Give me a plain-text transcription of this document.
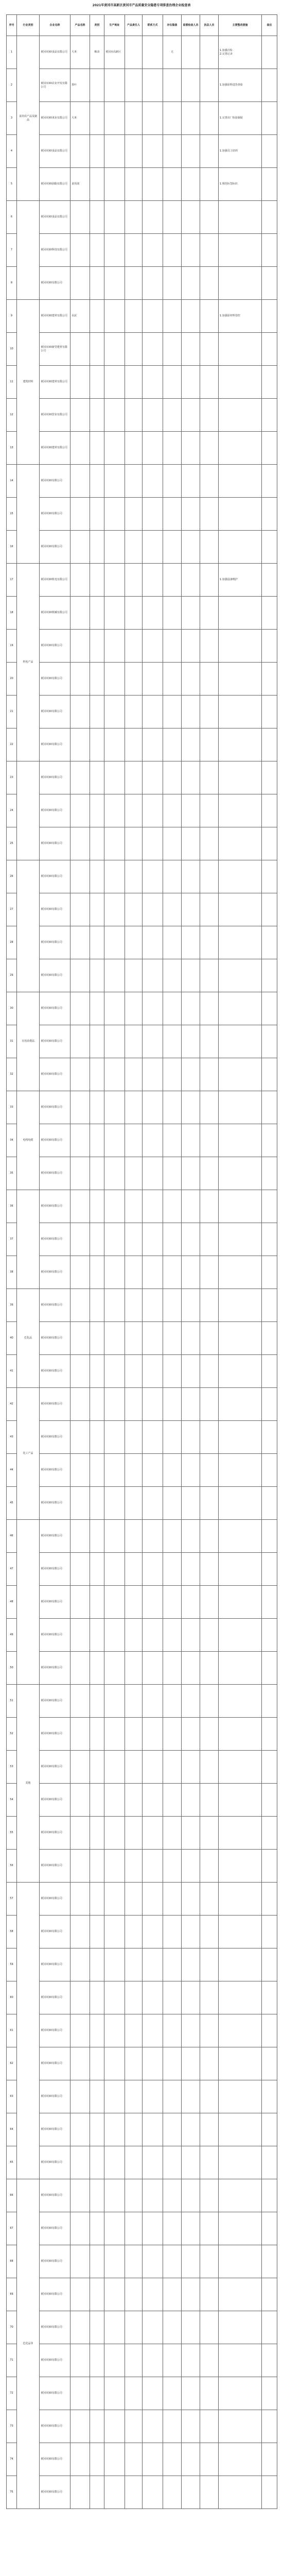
2021年黄冈市高新区黄冈市产品质量安全隐患专项排查治理企业检查表
序号	行业类别	企业名称	产品名称	类别	生产地址	产品责任人	联系方式	存在隐患	监督检查人员	执法人员	主要整改措施	备注
1	食用农产品及制品	黄冈市XX食品有限公司	大米	粮食	黄冈市高新区			无			1.加强自检
2.完善记录	
2		黄冈市XX农业开发有限公司	茶叶								1.加强原料进货查验	
3		黄冈市XX米业有限公司	大米								1.完善出厂检验制度	
4		黄冈市XX食品有限公司									1.加强员工培训	
5		黄冈市XX油脂有限公司	食用油								1.规范标签标识	
6		黄冈市XX食品有限公司										
7		黄冈市XX科技有限公司										
8		黄冈市XX有限公司										
9	建筑材料	黄冈市XX建材有限公司	水泥								1.加强原材料管控	
10		黄冈市XX新型建材有限公司										
11		黄冈市XX建材有限公司										
12		黄冈市XX管业有限公司										
13		黄冈市XX建材有限公司										
14		黄冈市XX有限公司										
15		黄冈市XX有限公司										
16		黄冈市XX有限公司										
17	机电产品	黄冈市XX机电有限公司									1.加强设备维护	
18		黄冈市XX机械有限公司										
19		黄冈市XX有限公司										
20		黄冈市XX有限公司										
21		黄冈市XX有限公司										
22		黄冈市XX有限公司										
23		黄冈市XX有限公司										
24		黄冈市XX有限公司										
25		黄冈市XX有限公司										
26		黄冈市XX有限公司										
27		黄冈市XX有限公司										
28		黄冈市XX有限公司										
29		黄冈市XX有限公司										
30	日用消费品	黄冈市XX有限公司										
31		黄冈市XX有限公司										
32		黄冈市XX有限公司										
33	电线电缆	黄冈市XX有限公司										
34		黄冈市XX有限公司										
35		黄冈市XX有限公司										
36		黄冈市XX有限公司										
37		黄冈市XX有限公司										
38		黄冈市XX有限公司										
39	危化品	黄冈市XX有限公司										
40		黄冈市XX有限公司										
41		黄冈市XX有限公司										
42	化工产品	黄冈市XX有限公司										
43		黄冈市XX有限公司										
44		黄冈市XX有限公司										
45		黄冈市XX有限公司										
46		黄冈市XX有限公司										
47		黄冈市XX有限公司										
48		黄冈市XX有限公司										
49		黄冈市XX有限公司										
50		黄冈市XX有限公司										
51	其他	黄冈市XX有限公司										
52		黄冈市XX有限公司										
53		黄冈市XX有限公司										
54		黄冈市XX有限公司										
55		黄冈市XX有限公司										
56		黄冈市XX有限公司										
57		黄冈市XX有限公司										
58		黄冈市XX有限公司										
59		黄冈市XX有限公司										
60		黄冈市XX有限公司										
61		黄冈市XX有限公司										
62		黄冈市XX有限公司										
63		黄冈市XX有限公司										
64		黄冈市XX有限公司										
65		黄冈市XX有限公司										
66	危化品等	黄冈市XX有限公司										
67		黄冈市XX有限公司										
68		黄冈市XX有限公司										
69		黄冈市XX有限公司										
70		黄冈市XX有限公司										
71		黄冈市XX有限公司										
72		黄冈市XX有限公司										
73		黄冈市XX有限公司										
74		黄冈市XX有限公司										
75		黄冈市XX有限公司										
